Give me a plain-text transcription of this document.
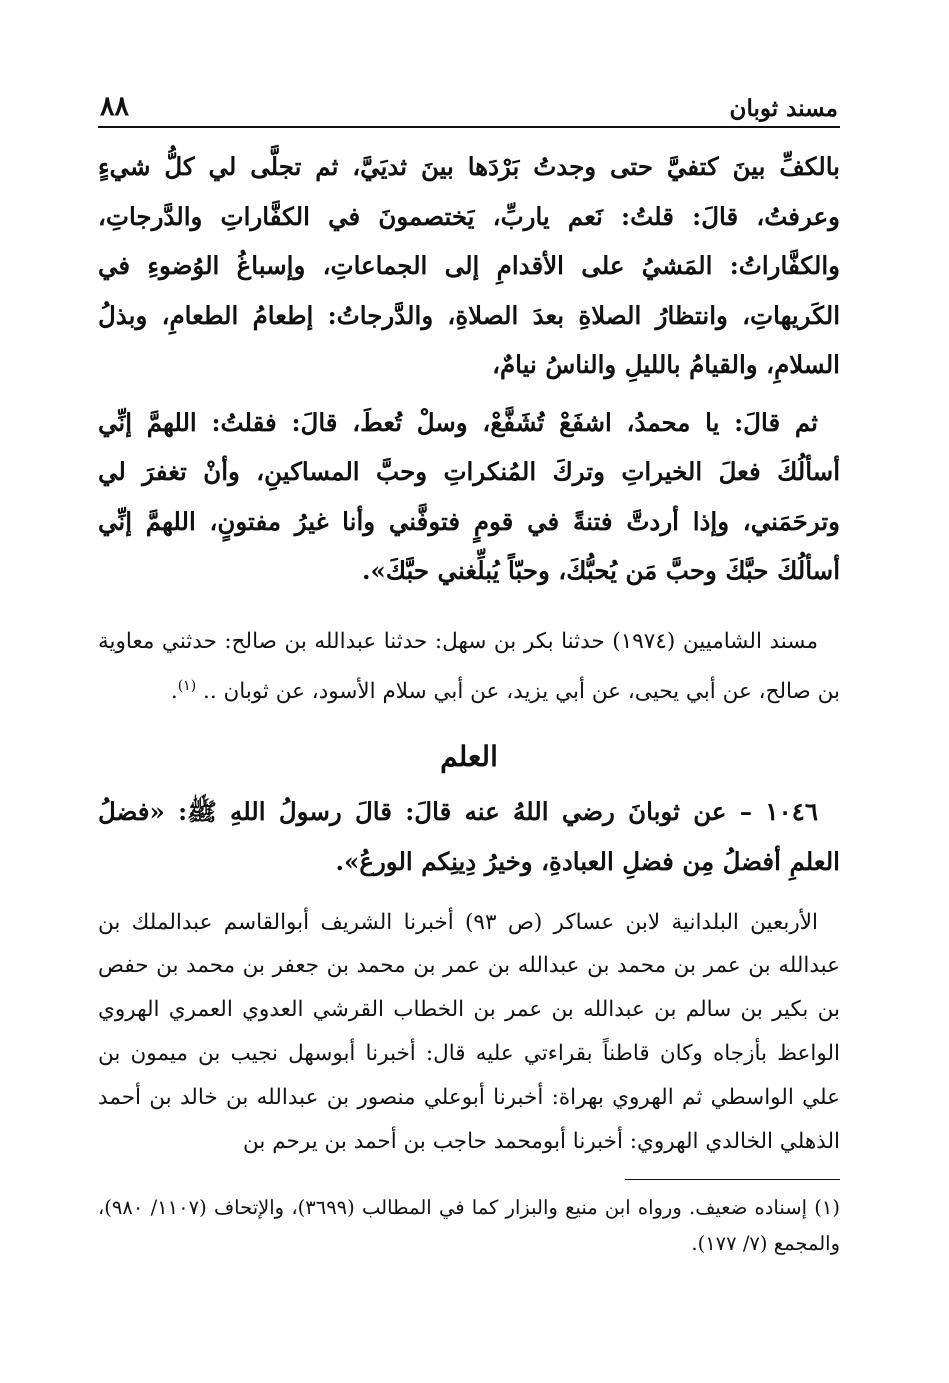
مسند ثوبان
٨٨

بالكفِّ بينَ كتفيَّ حتى وجدتُ بَرْدَها بينَ ثديَيَّ، ثم تجلَّى لي كلُّ شيءٍ وعرفتُ، قالَ: قلتُ: نَعم ياربِّ، يَختصمونَ في الكفَّاراتِ والدَّرجاتِ، والكفَّاراتُ: المَشيُ على الأقدامِ إلى الجماعاتِ، وإسباغُ الوُضوءِ في الكَريهاتِ، وانتظارُ الصلاةِ بعدَ الصلاةِ، والدَّرجاتُ: إطعامُ الطعامِ، وبذلُ السلامِ، والقيامُ بالليلِ والناسُ نيامٌ،

ثم قالَ: يا محمدُ، اشفَعْ تُشَفَّعْ، وسلْ تُعطَ، قالَ: فقلتُ: اللهمَّ إنِّي أسألُكَ فعلَ الخيراتِ وتركَ المُنكراتِ وحبَّ المساكينِ، وأنْ تغفرَ لي وترحَمَني، وإذا أردتَّ فتنةً في قومٍ فتوفَّني وأنا غيرُ مفتونٍ، اللهمَّ إنِّي أسألُكَ حبَّكَ وحبَّ مَن يُحبُّكَ، وحبّاً يُبلِّغني حبَّكَ».

مسند الشاميين (١٩٧٤) حدثنا بكر بن سهل: حدثنا عبدالله بن صالح: حدثني معاوية بن صالح، عن أبي يحيى، عن أبي يزيد، عن أبي سلام الأسود، عن ثوبان .. $^{(١)}$.

العلم
١٠٤٦ – عن ثوبانَ رضي اللهُ عنه قالَ: قالَ رسولُ اللهِ ﷺ: «فضلُ العلمِ أفضلُ مِن فضلِ العبادةِ، وخيرُ دِينِكم الورعُ».
الأربعين البلدانية لابن عساكر (ص ٩٣) أخبرنا الشريف أبوالقاسم عبدالملك بن عبدالله بن عمر بن محمد بن عبدالله بن عمر بن محمد بن جعفر بن محمد بن حفص بن بكير بن سالم بن عبدالله بن عمر بن الخطاب القرشي العدوي العمري الهروي الواعظ بأزجاه وكان قاطناً بقراءتي عليه قال: أخبرنا أبوسهل نجيب بن ميمون بن علي الواسطي ثم الهروي بهراة: أخبرنا أبوعلي منصور بن عبدالله بن خالد بن أحمد الذهلي الخالدي الهروي: أخبرنا أبومحمد حاجب بن أحمد بن يرحم بن
(١) إسناده ضعيف. ورواه ابن منيع والبزار كما في المطالب (٣٦٩٩)، والإتحاف (١١٠٧/ ٩٨٠)، والمجمع (٧/ ١٧٧).
